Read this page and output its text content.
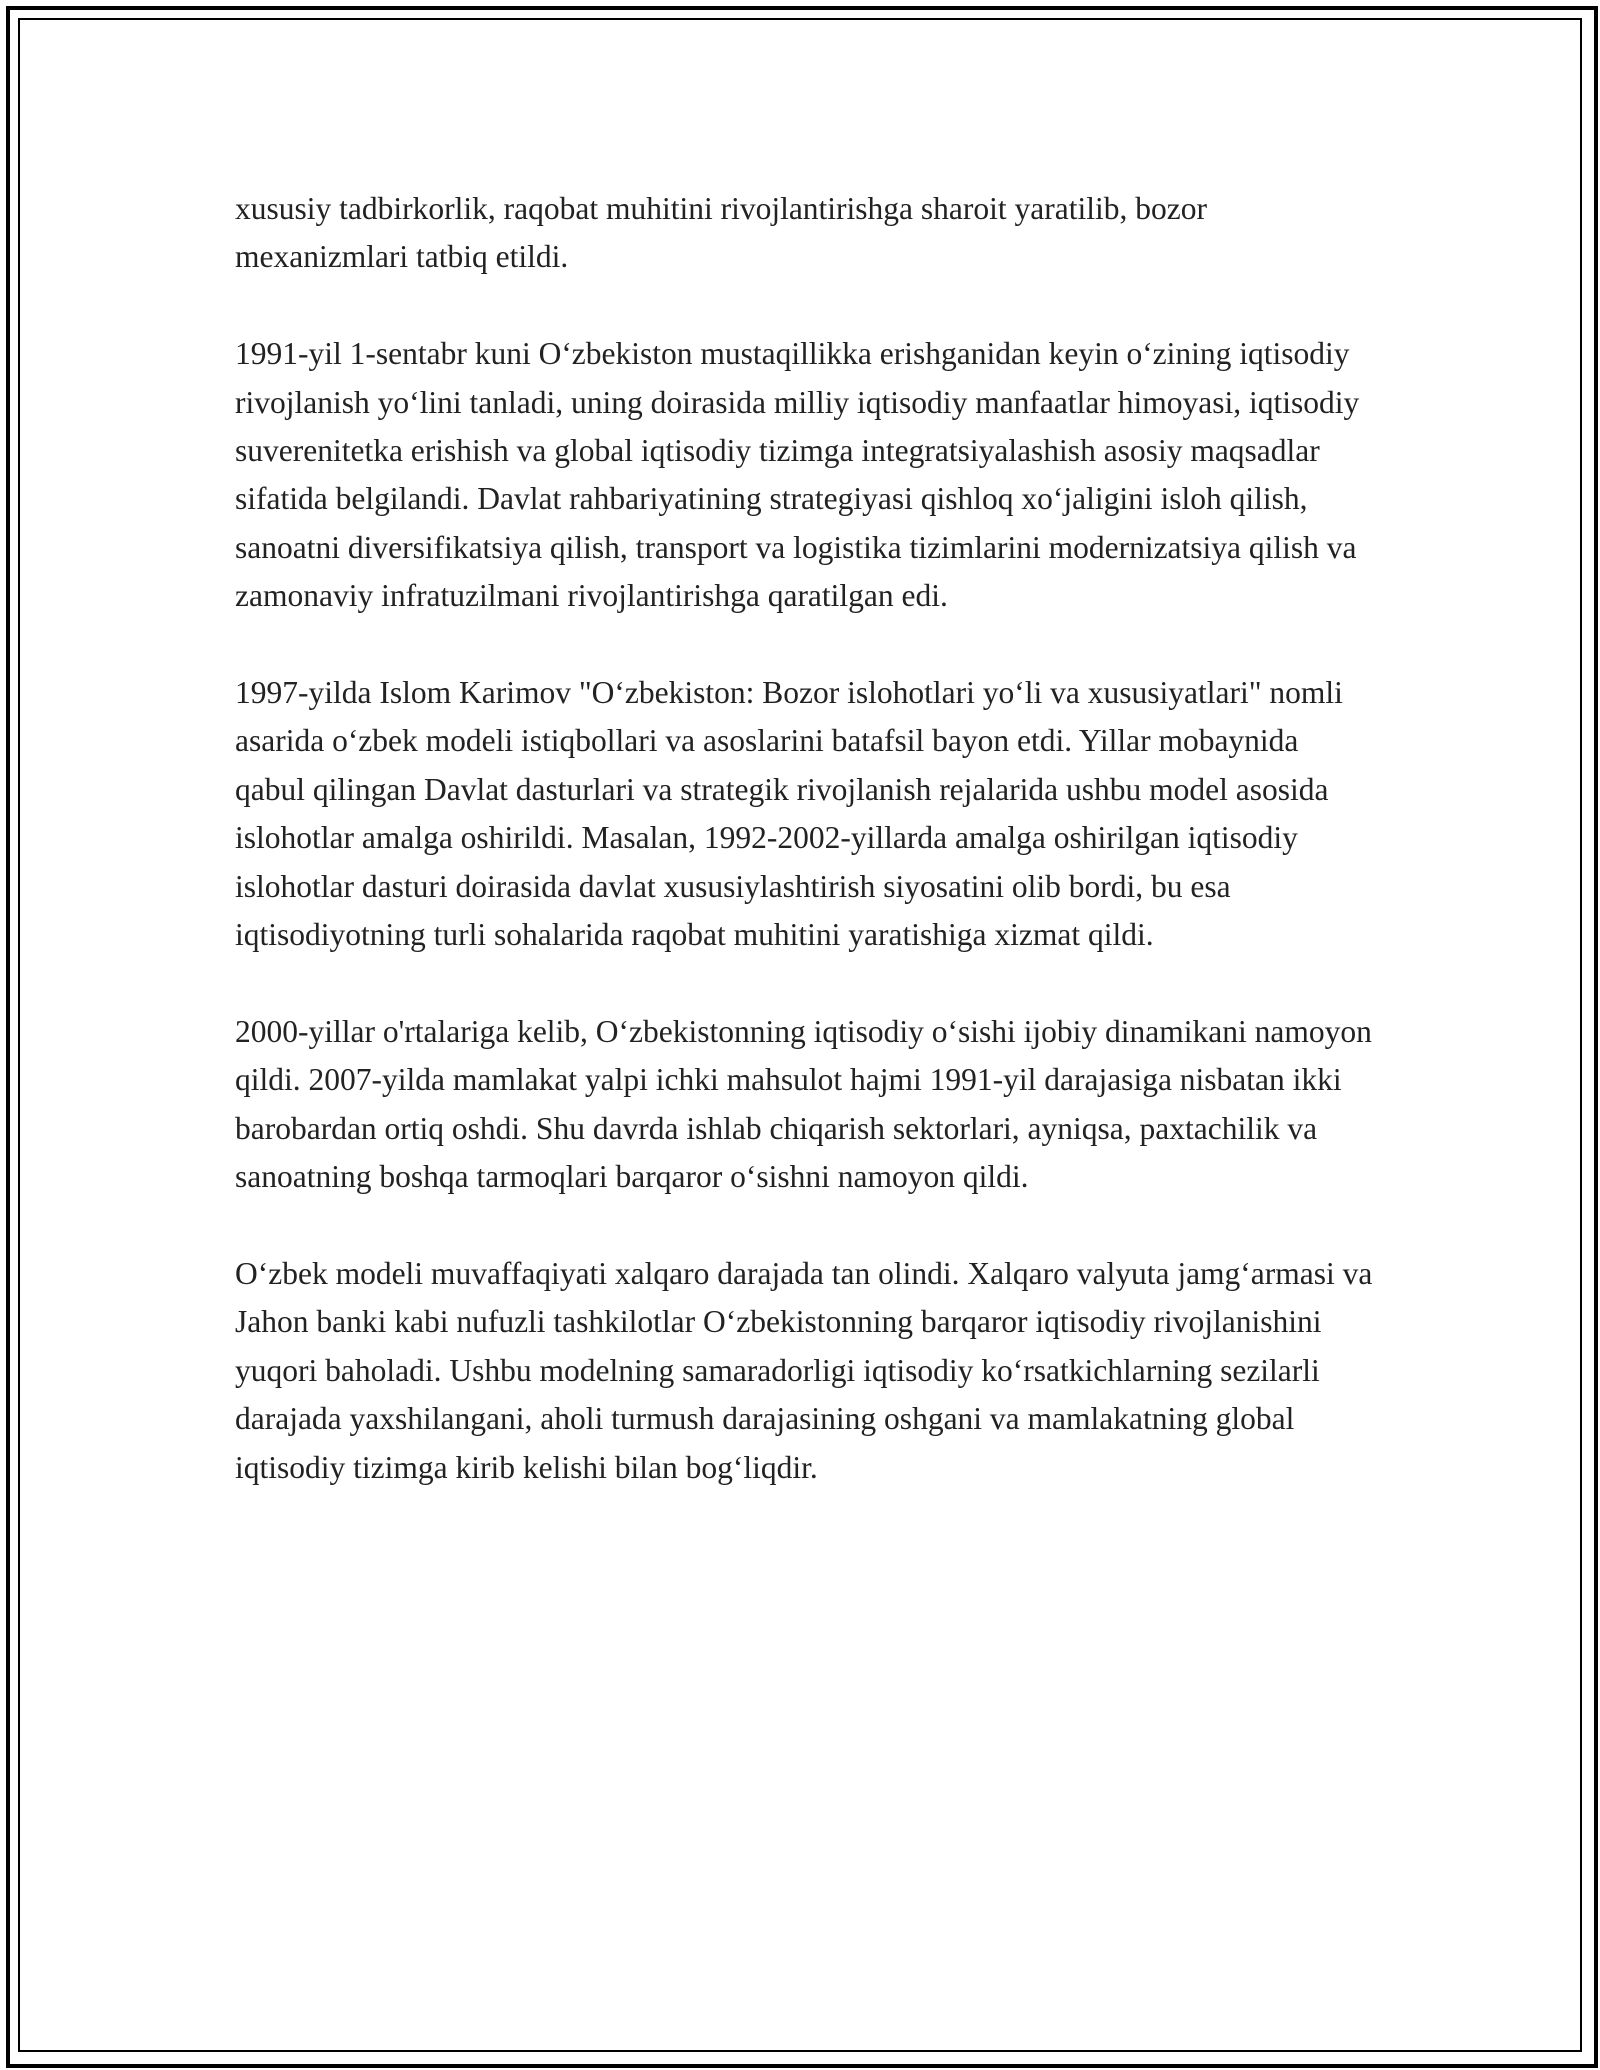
xususiy tadbirkorlik, raqobat muhitini rivojlantirishga sharoit yaratilib, bozor mexanizmlari tatbiq etildi.

1991-yil 1-sentabr kuni O‘zbekiston mustaqillikka erishganidan keyin o‘zining iqtisodiy rivojlanish yo‘lini tanladi, uning doirasida milliy iqtisodiy manfaatlar himoyasi, iqtisodiy suverenitetka erishish va global iqtisodiy tizimga integratsiyalashish asosiy maqsadlar sifatida belgilandi. Davlat rahbariyatining strategiyasi qishloq xo‘jaligini isloh qilish, sanoatni diversifikatsiya qilish, transport va logistika tizimlarini modernizatsiya qilish va zamonaviy infratuzilmani rivojlantirishga qaratilgan edi.

1997-yilda Islom Karimov "O‘zbekiston: Bozor islohotlari yo‘li va xususiyatlari" nomli asarida o‘zbek modeli istiqbollari va asoslarini batafsil bayon etdi. Yillar mobaynida qabul qilingan Davlat dasturlari va strategik rivojlanish rejalarida ushbu model asosida islohotlar amalga oshirildi. Masalan, 1992-2002-yillarda amalga oshirilgan iqtisodiy islohotlar dasturi doirasida davlat xususiylashtirish siyosatini olib bordi, bu esa iqtisodiyotning turli sohalarida raqobat muhitini yaratishiga xizmat qildi.

2000-yillar o'rtalariga kelib, O‘zbekistonning iqtisodiy o‘sishi ijobiy dinamikani namoyon qildi. 2007-yilda mamlakat yalpi ichki mahsulot hajmi 1991-yil darajasiga nisbatan ikki barobardan ortiq oshdi. Shu davrda ishlab chiqarish sektorlari, ayniqsa, paxtachilik va sanoatning boshqa tarmoqlari barqaror o‘sishni namoyon qildi.

O‘zbek modeli muvaffaqiyati xalqaro darajada tan olindi. Xalqaro valyuta jamg‘armasi va Jahon banki kabi nufuzli tashkilotlar O‘zbekistonning barqaror iqtisodiy rivojlanishini yuqori baholadi. Ushbu modelning samaradorligi iqtisodiy ko‘rsatkichlarning sezilarli darajada yaxshilangani, aholi turmush darajasining oshgani va mamlakatning global iqtisodiy tizimga kirib kelishi bilan bog‘liqdir.
